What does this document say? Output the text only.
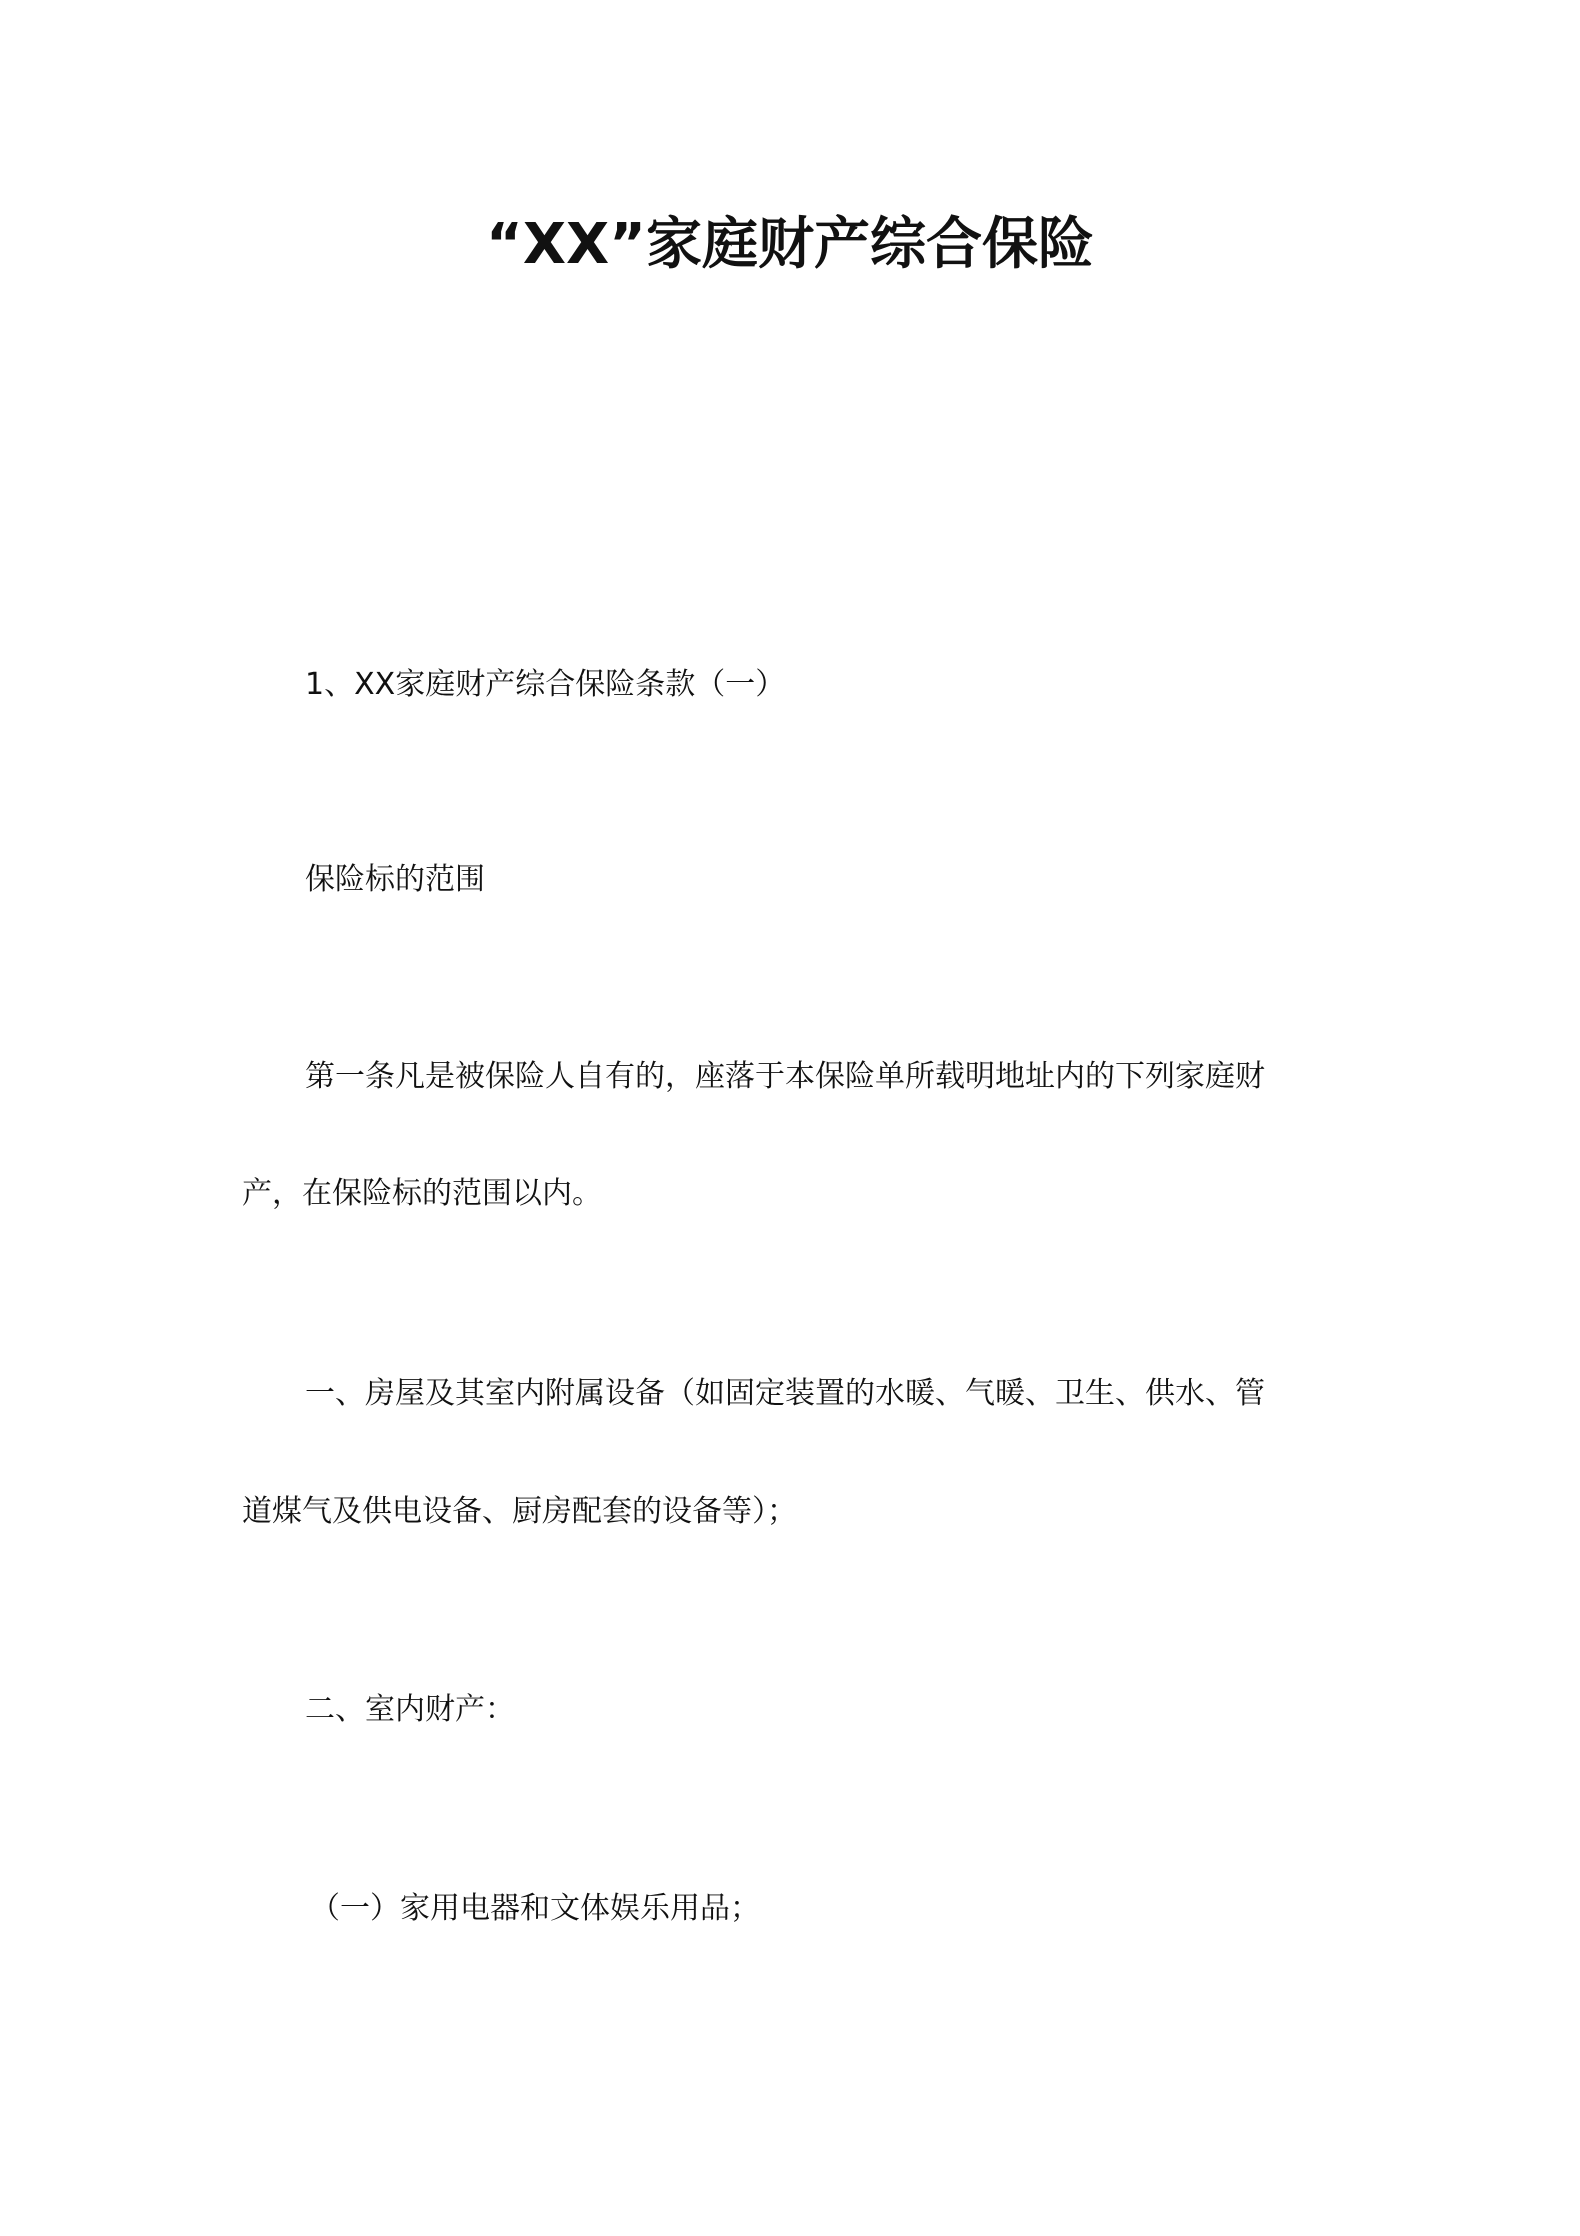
“XX”家庭财产综合保险
1、XX家庭财产综合保险条款（一）
保险标的范围
第一条凡是被保险人自有的，座落于本保险单所载明地址内的下列家庭财
产，在保险标的范围以内。
一、房屋及其室内附属设备（如固定装置的水暖、气暖、卫生、供水、管
道煤气及供电设备、厨房配套的设备等）；
二、室内财产：
（一）家用电器和文体娱乐用品；
